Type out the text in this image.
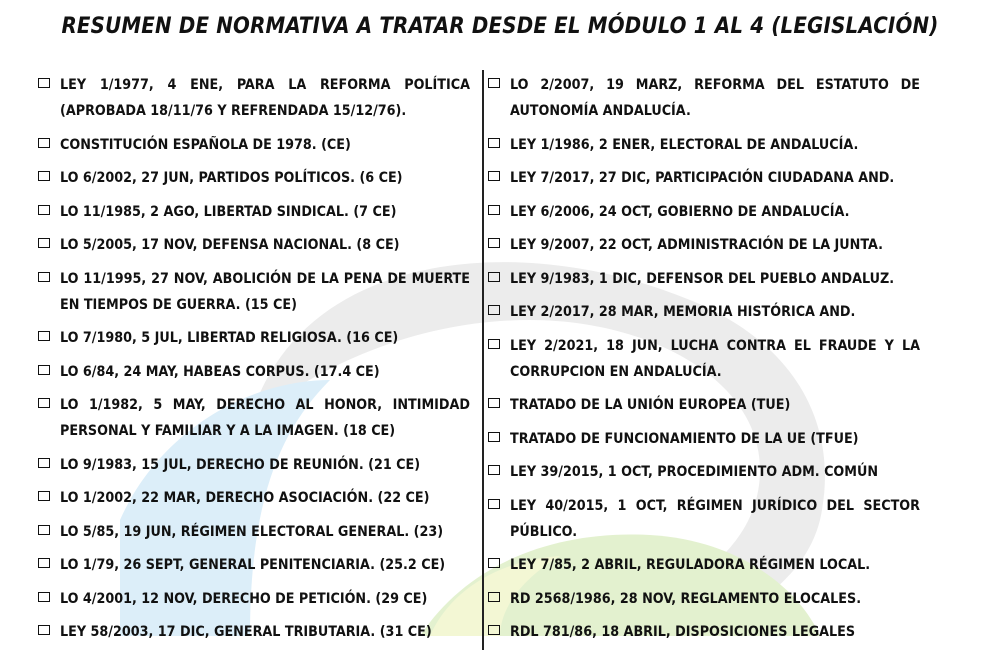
RESUMEN DE NORMATIVA A TRATAR DESDE EL MÓDULO 1 AL 4 (LEGISLACIÓN)
LEY 1/1977, 4 ENE, PARA LA REFORMA POLÍTICA (APROBADA 18/11/76 Y REFRENDADA 15/12/76).
CONSTITUCIÓN ESPAÑOLA DE 1978. (CE)
LO 6/2002, 27 JUN, PARTIDOS POLÍTICOS. (6 CE)
LO 11/1985, 2 AGO, LIBERTAD SINDICAL. (7 CE)
LO 5/2005, 17 NOV, DEFENSA NACIONAL. (8 CE)
LO 11/1995, 27 NOV, ABOLICIÓN DE LA PENA DE MUERTE EN TIEMPOS DE GUERRA. (15 CE)
LO 7/1980, 5 JUL, LIBERTAD RELIGIOSA. (16 CE)
LO 6/84, 24 MAY, HABEAS CORPUS. (17.4 CE)
LO 1/1982, 5 MAY, DERECHO AL HONOR, INTIMIDAD PERSONAL Y FAMILIAR Y A LA IMAGEN. (18 CE)
LO 9/1983, 15 JUL, DERECHO DE REUNIÓN. (21 CE)
LO 1/2002, 22 MAR, DERECHO ASOCIACIÓN. (22 CE)
LO 5/85, 19 JUN, RÉGIMEN ELECTORAL GENERAL. (23)
LO 1/79, 26 SEPT, GENERAL PENITENCIARIA. (25.2 CE)
LO 4/2001, 12 NOV, DERECHO DE PETICIÓN. (29 CE)
LEY 58/2003, 17 DIC, GENERAL TRIBUTARIA. (31 CE)
LO 2/2007, 19 MARZ, REFORMA DEL ESTATUTO DE AUTONOMÍA ANDALUCÍA.
LEY 1/1986, 2 ENER, ELECTORAL DE ANDALUCÍA.
LEY 7/2017, 27 DIC, PARTICIPACIÓN CIUDADANA AND.
LEY 6/2006, 24 OCT, GOBIERNO DE ANDALUCÍA.
LEY 9/2007, 22 OCT, ADMINISTRACIÓN DE LA JUNTA.
LEY 9/1983, 1 DIC, DEFENSOR DEL PUEBLO ANDALUZ.
LEY 2/2017, 28 MAR, MEMORIA HISTÓRICA AND.
LEY 2/2021, 18 JUN, LUCHA CONTRA EL FRAUDE Y LA CORRUPCION EN ANDALUCÍA.
TRATADO DE LA UNIÓN EUROPEA (TUE)
TRATADO DE FUNCIONAMIENTO DE LA UE (TFUE)
LEY 39/2015, 1 OCT, PROCEDIMIENTO ADM. COMÚN
LEY 40/2015, 1 OCT, RÉGIMEN JURÍDICO DEL SECTOR PÚBLICO.
LEY 7/85, 2 ABRIL, REGULADORA RÉGIMEN LOCAL.
RD 2568/1986, 28 NOV, REGLAMENTO ELOCALES.
RDL 781/86, 18 ABRIL, DISPOSICIONES LEGALES
